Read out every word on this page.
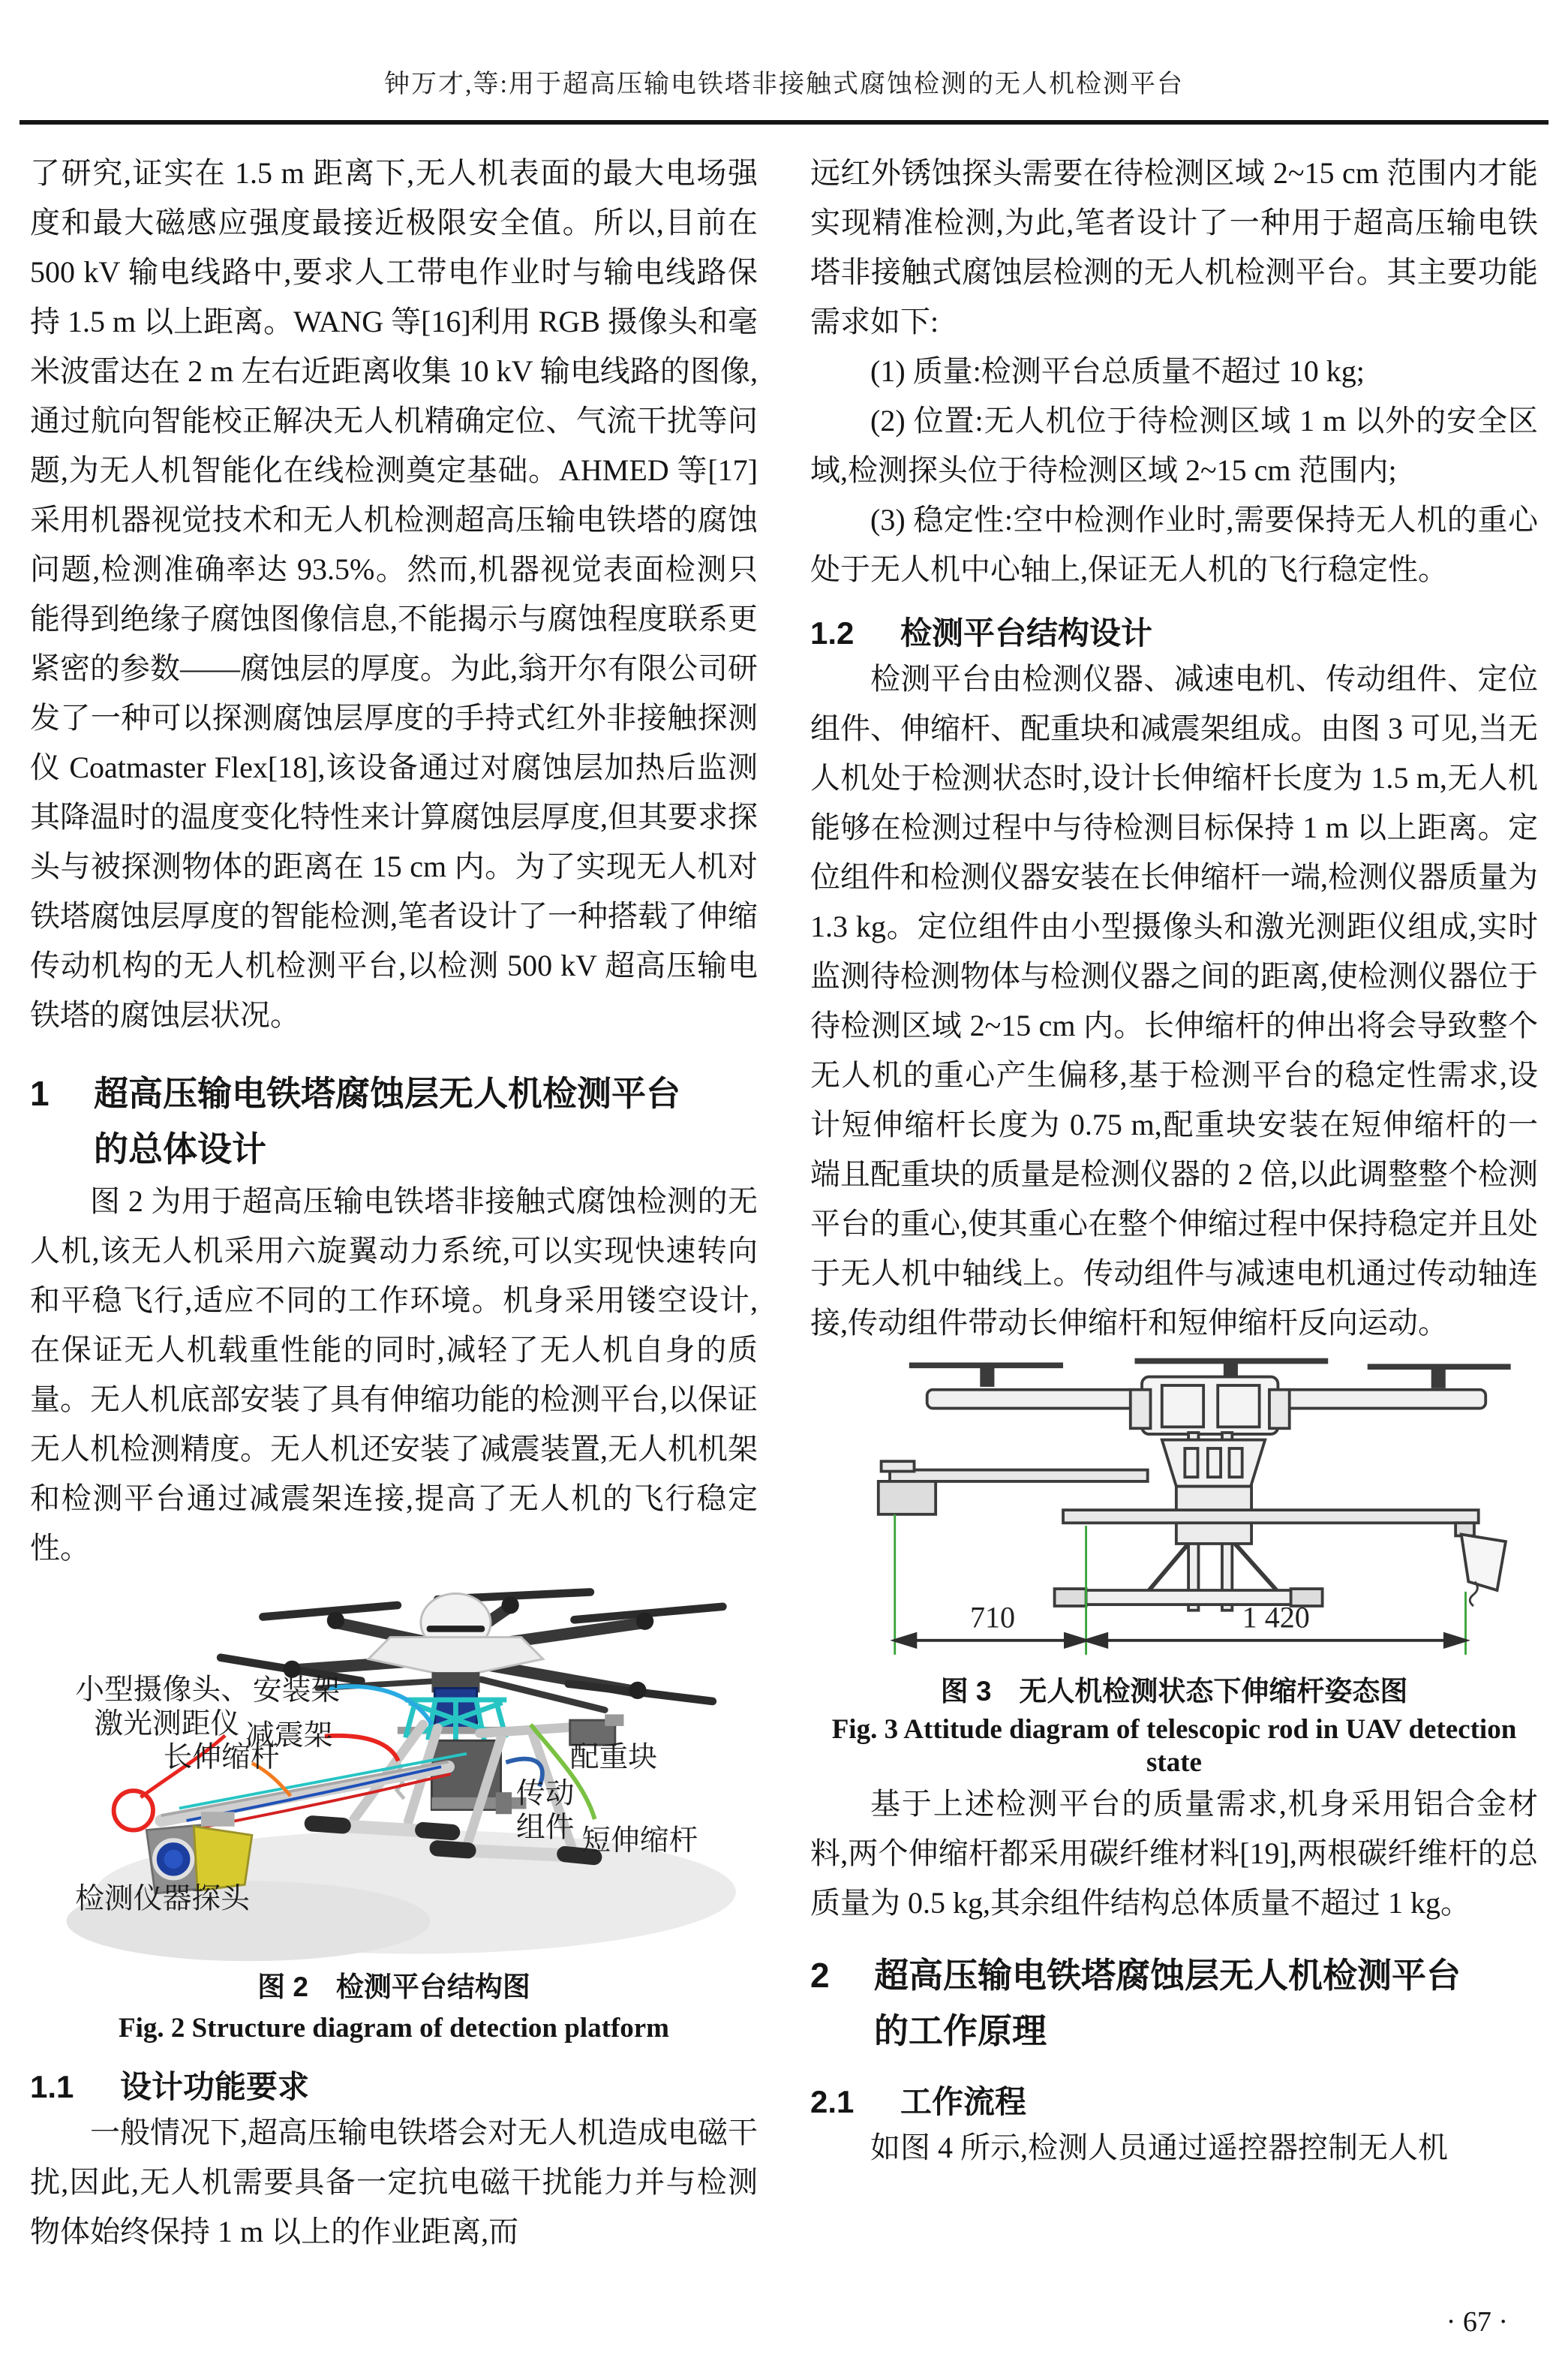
钟万才,等:用于超高压输电铁塔非接触式腐蚀检测的无人机检测平台

了研究,证实在 1.5 m 距离下,无人机表面的最大电场强度和最大磁感应强度最接近极限安全值。所以,目前在 500 kV 输电线路中,要求人工带电作业时与输电线路保持 1.5 m 以上距离。WANG 等[16]利用 RGB 摄像头和毫米波雷达在 2 m 左右近距离收集 10 kV 输电线路的图像,通过航向智能校正解决无人机精确定位、气流干扰等问题,为无人机智能化在线检测奠定基础。AHMED 等[17]采用机器视觉技术和无人机检测超高压输电铁塔的腐蚀问题,检测准确率达 93.5%。然而,机器视觉表面检测只能得到绝缘子腐蚀图像信息,不能揭示与腐蚀程度联系更紧密的参数——腐蚀层的厚度。为此,翁开尔有限公司研发了一种可以探测腐蚀层厚度的手持式红外非接触探测仪 Coatmaster Flex[18],该设备通过对腐蚀层加热后监测其降温时的温度变化特性来计算腐蚀层厚度,但其要求探头与被探测物体的距离在 15 cm 内。为了实现无人机对铁塔腐蚀层厚度的智能检测,笔者设计了一种搭载了伸缩传动机构的无人机检测平台,以检测 500 kV 超高压输电铁塔的腐蚀层状况。

1	超高压输电铁塔腐蚀层无人机检测平台
的总体设计

图 2 为用于超高压输电铁塔非接触式腐蚀检测的无人机,该无人机采用六旋翼动力系统,可以实现快速转向和平稳飞行,适应不同的工作环境。机身采用镂空设计,在保证无人机载重性能的同时,减轻了无人机自身的质量。无人机底部安装了具有伸缩功能的检测平台,以保证无人机检测精度。无人机还安装了减震装置,无人机机架和检测平台通过减震架连接,提高了无人机的飞行稳定性。

小型摄像头、
激光测距仪
安装架
减震架
长伸缩杆	配重块
传动
组件 短伸缩杆
检测仪器探头

图 2　检测平台结构图

Fig. 2 Structure diagram of detection platform

1.1	设计功能要求

一般情况下,超高压输电铁塔会对无人机造成电磁干扰,因此,无人机需要具备一定抗电磁干扰能力并与检测物体始终保持 1 m 以上的作业距离,而

远红外锈蚀探头需要在待检测区域 2~15 cm 范围内才能实现精准检测,为此,笔者设计了一种用于超高压输电铁塔非接触式腐蚀层检测的无人机检测平台。其主要功能需求如下:

(1) 质量:检测平台总质量不超过 10 kg;

(2) 位置:无人机位于待检测区域 1 m 以外的安全区域,检测探头位于待检测区域 2~15 cm 范围内;

(3) 稳定性:空中检测作业时,需要保持无人机的重心处于无人机中心轴上,保证无人机的飞行稳定性。

1.2	检测平台结构设计

检测平台由检测仪器、减速电机、传动组件、定位组件、伸缩杆、配重块和减震架组成。由图 3 可见,当无人机处于检测状态时,设计长伸缩杆长度为 1.5 m,无人机能够在检测过程中与待检测目标保持 1 m 以上距离。定位组件和检测仪器安装在长伸缩杆一端,检测仪器质量为 1.3 kg。定位组件由小型摄像头和激光测距仪组成,实时监测待检测物体与检测仪器之间的距离,使检测仪器位于待检测区域 2~15 cm 内。长伸缩杆的伸出将会导致整个无人机的重心产生偏移,基于检测平台的稳定性需求,设计短伸缩杆长度为 0.75 m,配重块安装在短伸缩杆的一端且配重块的质量是检测仪器的 2 倍,以此调整整个检测平台的重心,使其重心在整个伸缩过程中保持稳定并且处于无人机中轴线上。传动组件与减速电机通过传动轴连接,传动组件带动长伸缩杆和短伸缩杆反向运动。

710	1 420

图 3　无人机检测状态下伸缩杆姿态图

Fig. 3 Attitude diagram of telescopic rod in UAV detection state

基于上述检测平台的质量需求,机身采用铝合金材料,两个伸缩杆都采用碳纤维材料[19],两根碳纤维杆的总质量为 0.5 kg,其余组件结构总体质量不超过 1 kg。

2	超高压输电铁塔腐蚀层无人机检测平台
的工作原理
2.1	工作流程

如图 4 所示,检测人员通过遥控器控制无人机

· 67 ·
